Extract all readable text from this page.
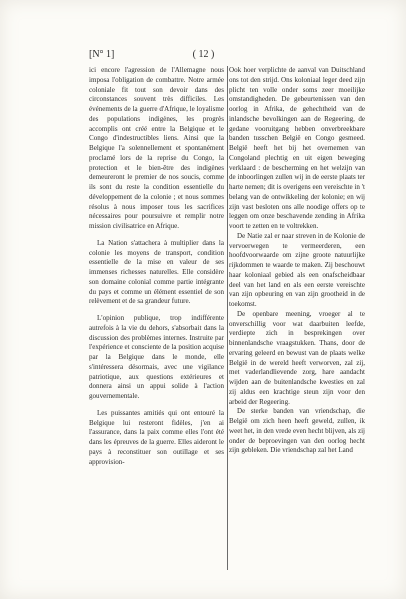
[N° 1]	( 12 )

ici encore l'agression de l'Allemagne nous imposa l'obligation de combattre. Notre armée coloniale fit tout son devoir dans des circonstances souvent très difficiles. Les événements de la guerre d'Afrique, le loyalisme des populations indigènes, les progrès accomplis ont créé entre la Belgique et le Congo d'indestructibles liens. Ainsi que la Belgique l'a solennellement et spontanément proclamé lors de la reprise du Congo, la protection et le bien-être des indigènes demeureront le premier de nos soucis, comme ils sont du reste la condition essentielle du développement de la colonie ; et nous sommes résolus à nous imposer tous les sacrifices nécessaires pour poursuivre et remplir notre mission civilisatrice en Afrique.

La Nation s'attachera à multiplier dans la colonie les moyens de transport, condition essentielle de la mise en valeur de ses immenses richesses naturelles. Elle considère son domaine colonial comme partie intégrante du pays et comme un élément essentiel de son relèvement et de sa grandeur future.

L'opinion publique, trop indifférente autrefois à la vie du dehors, s'absorbait dans la discussion des problèmes internes. Instruite par l'expérience et consciente de la position acquise par la Belgique dans le monde, elle s'intéressera désormais, avec une vigilance patriotique, aux questions extérieures et donnera ainsi un appui solide à l'action gouvernementale.

Les puissantes amitiés qui ont entouré la Belgique lui resteront fidèles, j'en ai l'assurance, dans la paix comme elles l'ont été dans les épreuves de la guerre. Elles aideront le pays à reconstituer son outillage et ses approvision-

Ook hoer verplichte de aanval van Duitschland ons tot den strijd. Ons koloniaal leger deed zijn plicht ten volle onder soms zeer moeilijke omstandigheden. De gebeurtenissen van den oorlog in Afrika, de gehechtheid van de inlandsche bevolkingen aan de Regeering, de gedane vooruitgang hebben onverbreekbare banden tusschen België en Congo gesmeed. België heeft het bij het overnemen van Congoland plechtig en uit eigen beweging verklaard : de bescherming en het welzijn van de inboorlingen zullen wij in de eerste plaats ter harte nemen; dit is overigens een vereischte in 't belang van de ontwikkeling der kolonie; en wij zijn vast besloten ons alle noodige offers op te leggen om onze beschavende zending in Afrika voort te zetten en te voltrekken.

De Natie zal er naar streven in de Kolonie de vervoerwegen te vermeerderen, een hoofdvoorwaarde om zijne groote natuurlijke rijkdommen te waarde te maken. Zij beschouwt haar koloniaal gebied als een onafscheidbaar deel van het land en als een eerste vereischte van zijn opbeuring en van zijn grootheid in de toekomst.

De openbare meening, vroeger al te onverschillig voor wat daarbuiten leefde, verdiepte zich in besprekingen over binnenlandsche vraagstukken. Thans, door de ervaring geleerd en bewust van de plaats welke België in de wereld heeft verworven, zal zij, met vaderlandlievende zorg, hare aandacht wijden aan de buitenlandsche kwesties en zal zij aldus een krachtige steun zijn voor den arbeid der Regeering.

De sterke banden van vriendschap, die België om zich heen heeft geweld, zullen, ik weet het, in den vrede even hecht blijven, als zij onder de beproevingen van den oorlog hecht zijn gebleken. Die vriendschap zal het Land
